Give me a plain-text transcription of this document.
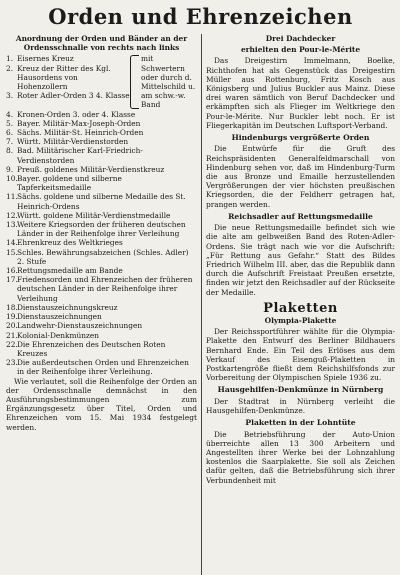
Orden und Ehrenzeichen

Anordnung der Orden und Bänder an der
Ordensschnalle von rechts nach links

1. Eisernes Kreuz
2. Kreuz der Ritter des Kgl. Hausordens von Hohenzollern
3. Roter Adler-Orden 3 4. Klasse
mit Schwertern oder durch d. Mittelschild u. am schw.-w. Band
4. Kronen-Orden 3. oder 4. Klasse
5. Bayer. Militär-Max-Joseph-Orden
6. Sächs. Militär-St. Heinrich-Orden
7. Württ. Militär-Verdienstorden
8. Bad. Militärischer Karl-Friedrich-Verdienstorden
9. Preuß. goldenes Militär-Verdienstkreuz
10. Bayer. goldene und silberne Tapferkeitsmedaille
11. Sächs. goldene und silberne Medaille des St. Heinrich-Ordens
12. Württ. goldene Militär-Verdienstmedaille
13. Weitere Kriegsorden der früheren deutschen Länder in der Reihenfolge ihrer Verleihung
14. Ehrenkreuz des Weltkrieges
15. Schles. Bewährungsabzeichen (Schles. Adler) 2. Stufe
16. Rettungsmedaille am Bande
17. Friedensorden und Ehrenzeichen der früheren deutschen Länder in der Reihenfolge ihrer Verleihung
18. Dienstauszeichnungskreuz
19. Dienstauszeichnungen
20. Landwehr-Dienstauszeichnungen
21. Kolonial-Denkmünzen
22. Die Ehrenzeichen des Deutschen Roten Kreuzes
23. Die außerdeutschen Orden und Ehrenzeichen in der Reihenfolge ihrer Verleihung.

Wie verlautet, soll die Reihenfolge der Orden an der Ordensschnalle demnächst in den Ausführungsbestimmungen zum Ergänzungsgesetz über Titel, Orden und Ehrenzeichen vom 15. Mai 1934 festgelegt werden.

Drei Dachdecker

erhielten den Pour-le-Mérite

Das Dreigestirn Immelmann, Boelke, Richthofen hat als Gegenstück das Dreigestirn Müller aus Rottenburg, Fritz Kosch aus Königsberg und Julius Buckler aus Mainz. Diese drei waren sämtlich von Beruf Dachdecker und erkämpften sich als Flieger im Weltkriege den Pour-le-Mérite. Nur Buckler lebt noch. Er ist Fliegerkapitän im Deutschen Luftsport-Verband.

Hindenburgs vergrößerte Orden

Die Entwürfe für die Gruft des Reichspräsidenten Generalfeldmarschall von Hindenburg sehen vor, daß im Hindenburg-Turm die aus Bronze und Emaille herzustellenden Vergrößerungen der vier höchsten preußischen Kriegsorden, die der Feldherr getragen hat, prangen werden.

Reichsadler auf Rettungsmedaille

Die neue Rettungsmedaille befindet sich wie die alte am gelbweißen Band des Roten-Adler-Ordens. Sie trägt nach wie vor die Aufschrift: „Für Rettung aus Gefahr.“ Statt des Bildes Friedrich Wilhelm III. aber, das die Republik dann durch die Aufschrift Freistaat Preußen ersetzte, finden wir jetzt den Reichsadler auf der Rückseite der Medaille.

Plaketten

Olympia-Plakette

Der Reichssportführer wählte für die Olympia-Plakette den Entwurf des Berliner Bildhauers Bernhard Ende. Ein Teil des Erlöses aus dem Verkauf des Eisenguß-Plaketten in Postkartengröße fließt dem Reichshilfsfonds zur Vorbereitung der Olympischen Spiele 1936 zu.

Hausgehilfen-Denkmünze in Nürnberg

Der Stadtrat in Nürnberg verleiht die Hausgehilfen-Denkmünze.

Plaketten in der Lohntüte

Die Betriebsführung der Auto-Union überreichte allen 13 300 Arbeitern und Angestellten ihrer Werke bei der Lohnzahlung kostenlos die Saarplakette. Sie soll als Zeichen dafür gelten, daß die Betriebsführung sich ihrer Verbundenheit mit
